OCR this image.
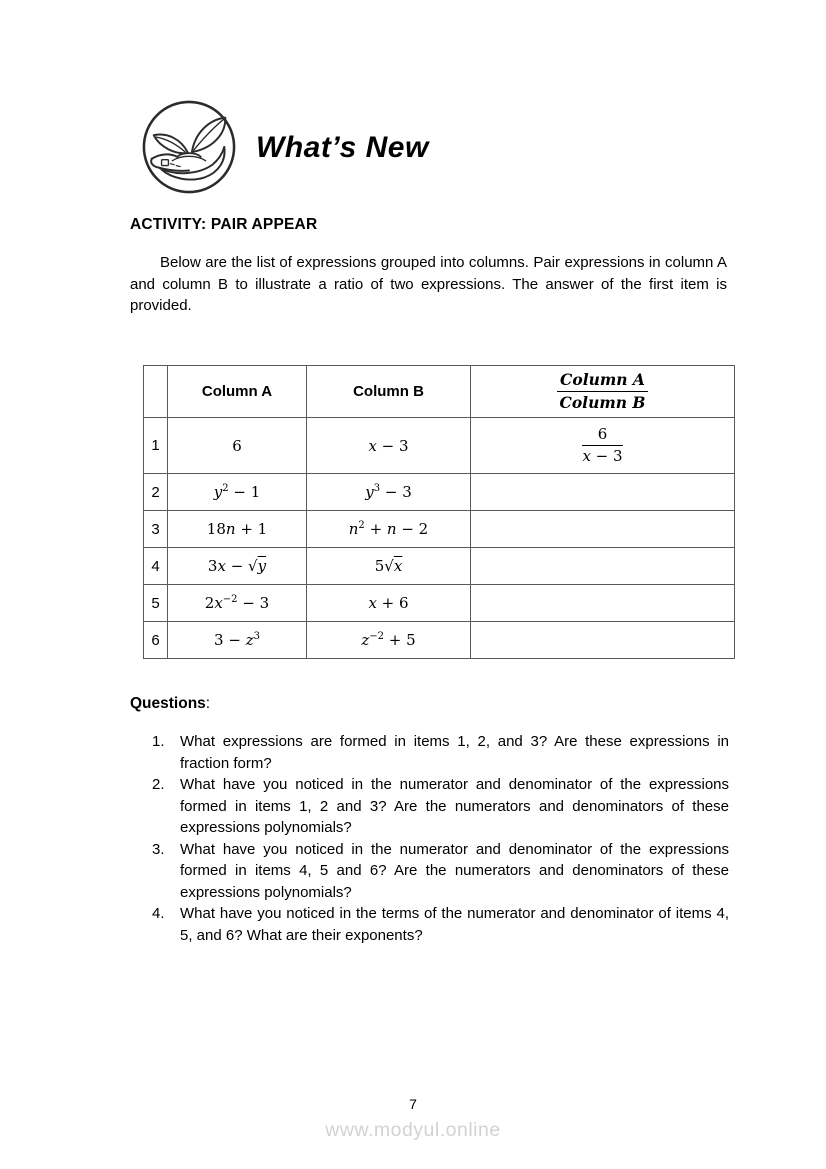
What’s New
ACTIVITY: PAIR APPEAR

Below are the list of expressions grouped into columns. Pair expressions in column A and column B to illustrate a ratio of two expressions. The answer of the first item is provided.

	Column A	Column B	$\frac{\text{Column A}}{\text{Column B}}$

1	6	x − 3	$\frac{6}{x - 3}$

2	$y^2 - 1$	$y^3 - 3$	
3	18n + 1	$n^2 + n - 2$	
4	3x − √y	5√x	
5	$2x^{-2} - 3$	x + 6	
6	$3 - z^3$	$z^{-2} + 5$	
Questions:
1.	What expressions are formed in items 1, 2, and 3? Are these expressions in fraction form?
2.	What have you noticed in the numerator and denominator of the expressions formed in items 1, 2 and 3? Are the numerators and denominators of these expressions polynomials?
3.	What have you noticed in the numerator and denominator of the expressions formed in items 4, 5 and 6? Are the numerators and denominators of these expressions polynomials?
4.	What have you noticed in the terms of the numerator and denominator of items 4, 5, and 6? What are their exponents?
7
www.modyul.online
